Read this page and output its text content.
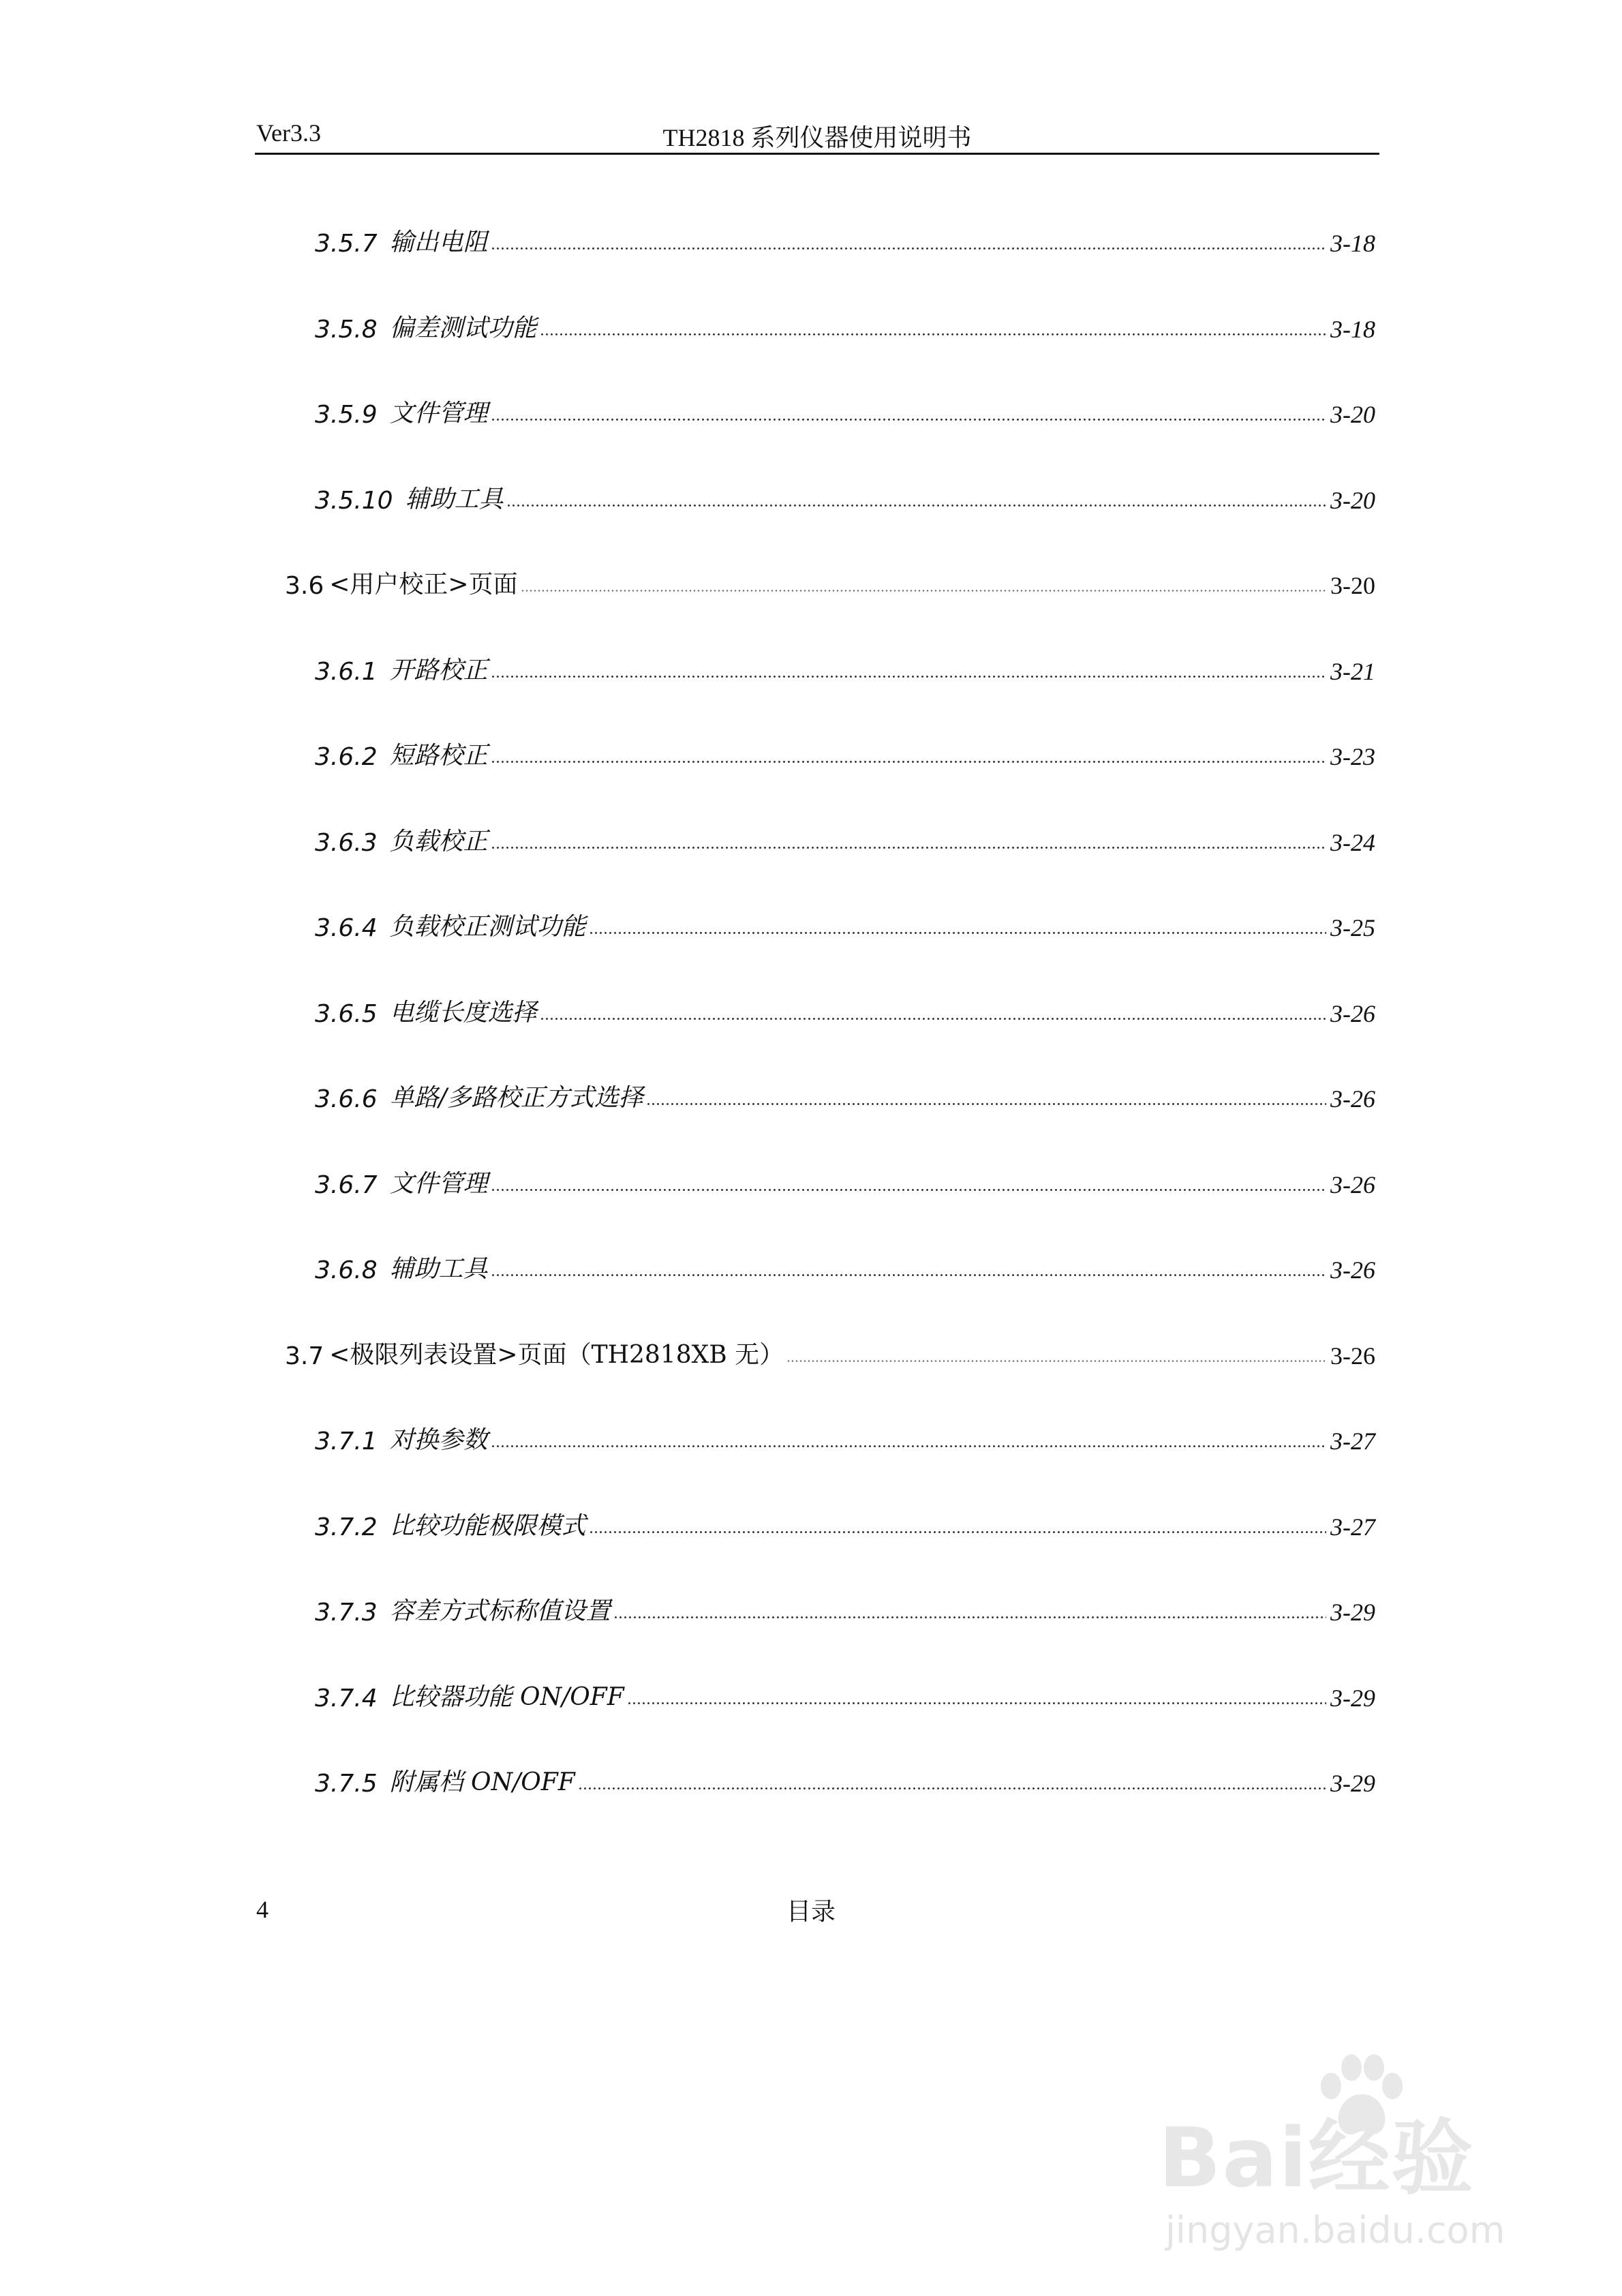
Ver3.3	TH2818 系列仪器使用说明书
3.5.7 输出电阻	3-18
3.5.8 偏差测试功能	3-18
3.5.9 文件管理	3-20
3.5.10 辅助工具	3-20
3.6 <用户校正>页面	3-20
3.6.1 开路校正	3-21
3.6.2 短路校正	3-23
3.6.3 负载校正	3-24
3.6.4 负载校正测试功能	3-25
3.6.5 电缆长度选择	3-26
3.6.6 单路/多路校正方式选择	3-26
3.6.7 文件管理	3-26
3.6.8 辅助工具	3-26
3.7 <极限列表设置>页面（TH2818XB 无）	3-26
3.7.1 对换参数	3-27
3.7.2 比较功能极限模式	3-27
3.7.3 容差方式标称值设置	3-29
3.7.4 比较器功能 ON/OFF	3-29
3.7.5 附属档 ON/OFF	3-29
4	目录
Bai经验
jingyan.baidu.com
